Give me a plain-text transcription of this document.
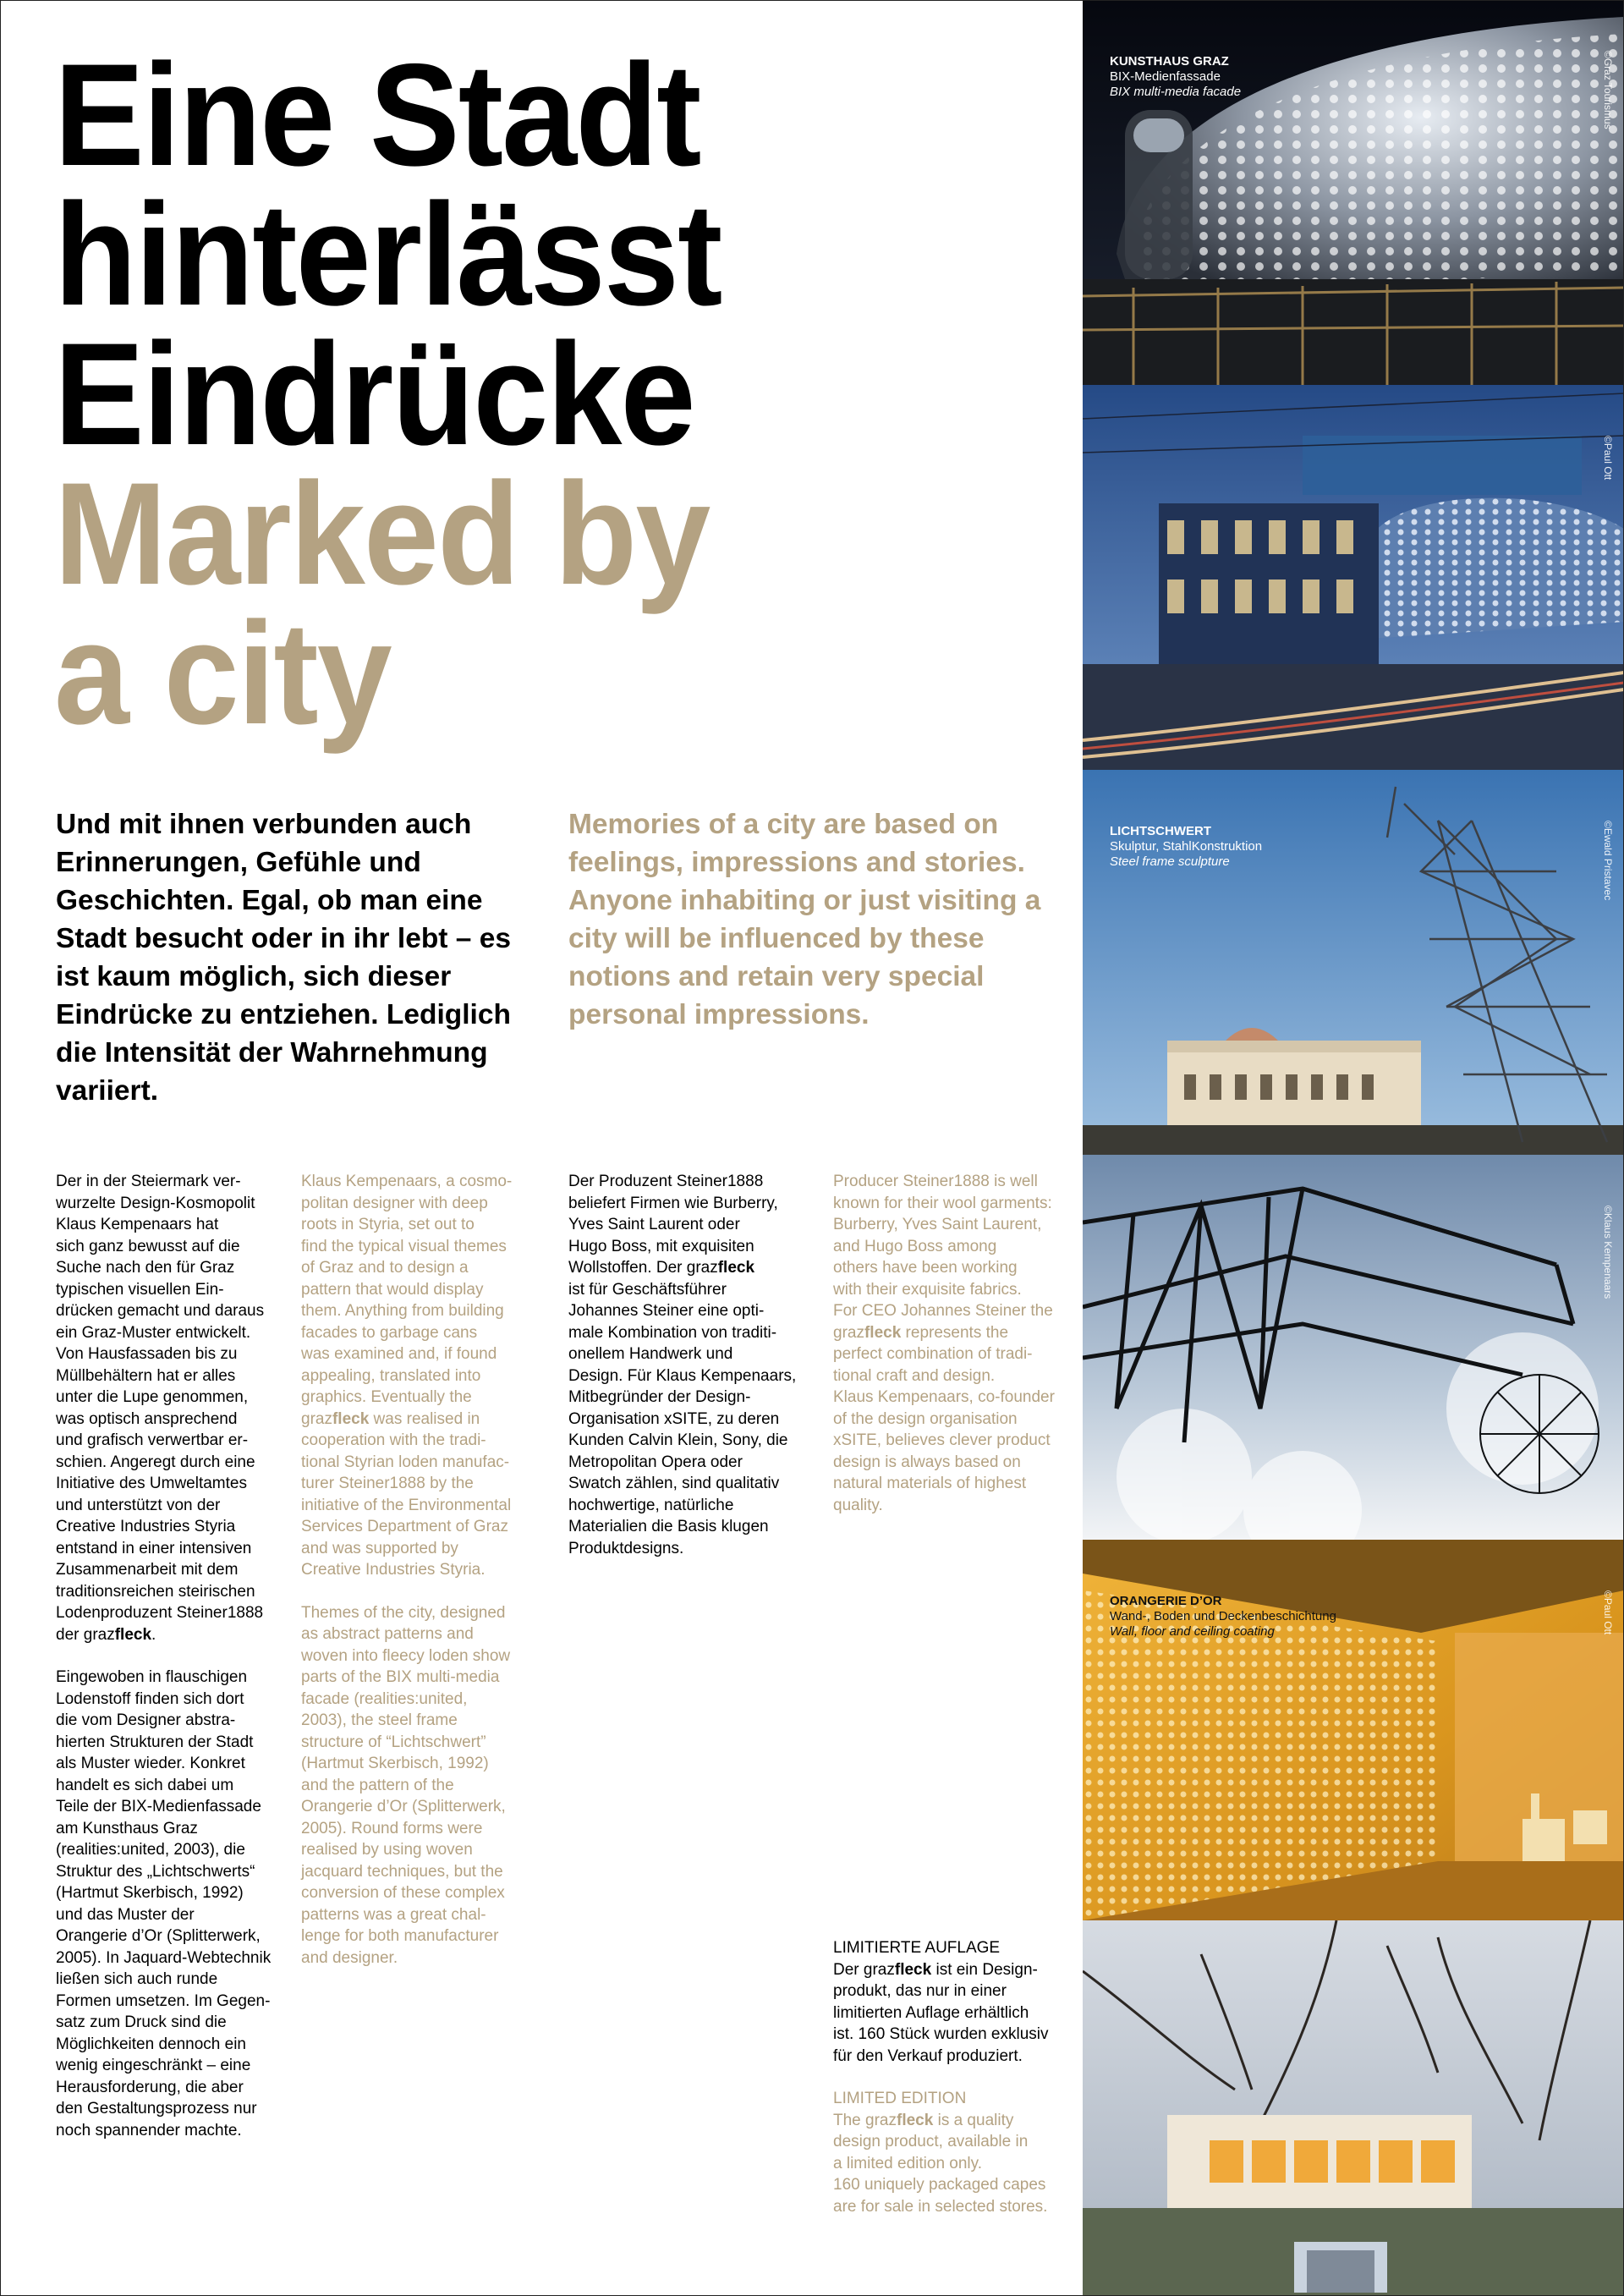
Eine Stadt
hinterlässt
Eindrücke
Marked by
a city

Und mit ihnen verbunden auch Erinnerungen, Gefühle und Geschichten. Egal, ob man eine Stadt besucht oder in ihr lebt – es ist kaum möglich, sich dieser Eindrücke zu entziehen. Lediglich die Intensität der Wahrnehmung variiert.

Memories of a city are based on feelings, impressions and stories. Anyone inhabiting or just visiting a city will be influenced by these notions and retain very special personal impressions.

Der in der Steiermark ver-
wurzelte Design-Kosmopolit
Klaus Kempenaars hat
sich ganz bewusst auf die
Suche nach den für Graz
typischen visuellen Ein-
drücken gemacht und daraus
ein Graz-Muster entwickelt.
Von Hausfassaden bis zu
Müllbehältern hat er alles
unter die Lupe genommen,
was optisch ansprechend
und grafisch verwertbar er-
schien. Angeregt durch eine
Initiative des Umweltamtes
und unterstützt von der
Creative Industries Styria
entstand in einer intensiven
Zusammenarbeit mit dem
traditionsreichen steirischen
Lodenproduzent Steiner1888
der grazfleck.

Eingewoben in flauschigen
Lodenstoff finden sich dort
die vom Designer abstra-
hierten Strukturen der Stadt
als Muster wieder. Konkret
handelt es sich dabei um
Teile der BIX-Medienfassade
am Kunsthaus Graz
(realities:united, 2003), die
Struktur des „Lichtschwerts“
(Hartmut Skerbisch, 1992)
und das Muster der
Orangerie d’Or (Splitterwerk,
2005). In Jaquard-Webtechnik
ließen sich auch runde
Formen umsetzen. Im Gegen-
satz zum Druck sind die
Möglichkeiten dennoch ein
wenig eingeschränkt – eine
Herausforderung, die aber
den Gestaltungsprozess nur
noch spannender machte.

Klaus Kempenaars, a cosmo-
politan designer with deep
roots in Styria, set out to
find the typical visual themes
of Graz and to design a
pattern that would display
them. Anything from building
facades to garbage cans
was examined and, if found
appealing, translated into
graphics. Eventually the
grazfleck was realised in
cooperation with the tradi-
tional Styrian loden manufac-
turer Steiner1888 by the
initiative of the Environmental
Services Department of Graz
and was supported by
Creative Industries Styria.

Themes of the city, designed
as abstract patterns and
woven into fleecy loden show
parts of the BIX multi-media
facade (realities:united,
2003), the steel frame
structure of “Lichtschwert”
(Hartmut Skerbisch, 1992)
and the pattern of the
Orangerie d’Or (Splitterwerk,
2005). Round forms were
realised by using woven
jacquard techniques, but the
conversion of these complex
patterns was a great chal-
lenge for both manufacturer
and designer.

Der Produzent Steiner1888
beliefert Firmen wie Burberry,
Yves Saint Laurent oder
Hugo Boss, mit exquisiten
Wollstoffen. Der grazfleck
ist für Geschäftsführer
Johannes Steiner eine opti-
male Kombination von traditi-
onellem Handwerk und
Design. Für Klaus Kempenaars,
Mitbegründer der Design-
Organisation xSITE, zu deren
Kunden Calvin Klein, Sony, die
Metropolitan Opera oder
Swatch zählen, sind qualitativ
hochwertige, natürliche
Materialien die Basis klugen
Produktdesigns.

Producer Steiner1888 is well
known for their wool garments:
Burberry, Yves Saint Laurent,
and Hugo Boss among
others have been working
with their exquisite fabrics.
For CEO Johannes Steiner the
grazfleck represents the
perfect combination of tradi-
tional craft and design.
Klaus Kempenaars, co-founder
of the design organisation
xSITE, believes clever product
design is always based on
natural materials of highest
quality.

LIMITIERTE AUFLAGE
Der grazfleck ist ein Design-
produkt, das nur in einer
limitierten Auflage erhältlich
ist. 160 Stück wurden exklusiv
für den Verkauf produziert.

LIMITED EDITION
The grazfleck is a quality
design product, available in
a limited edition only.
160 uniquely packaged capes
are for sale in selected stores.

KUNSTHAUS GRAZ
BIX-Medienfassade
BIX multi-media facade	©Graz Tourismus
©Paul Ott
LICHTSCHWERT
Skulptur, StahlKonstruktion
Steel frame sculpture	©Ewald Pristavec
©Klaus Kempenaars
ORANGERIE D’OR
Wand-, Boden und Deckenbeschichtung
Wall, floor and ceiling coating	©Paul Ott
